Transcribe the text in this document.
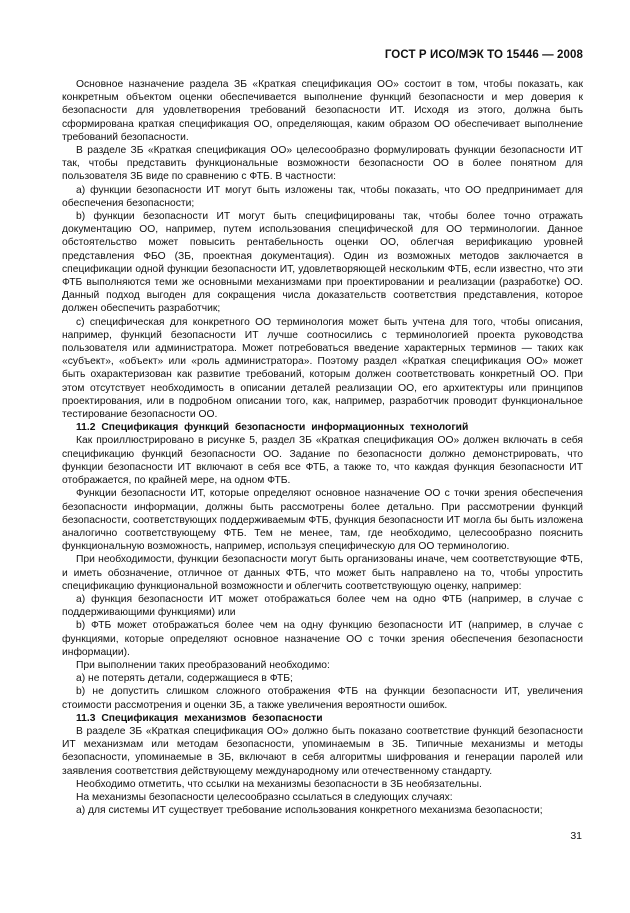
ГОСТ Р ИСО/МЭК ТО 15446 — 2008

Основное назначение раздела ЗБ «Краткая спецификация ОО» состоит в том, чтобы показать, как конкретным объектом оценки обеспечивается выполнение функций безопасности и мер доверия к безопасности для удовлетворения требований безопасности ИТ. Исходя из этого, должна быть сформирована краткая спецификация ОО, определяющая, каким образом ОО обеспечивает выполнение требований безопасности.

В разделе ЗБ «Краткая спецификация ОО» целесообразно формулировать функции безопасности ИТ так, чтобы представить функциональные возможности безопасности ОО в более понятном для пользователя ЗБ виде по сравнению с ФТБ. В частности:

a) функции безопасности ИТ могут быть изложены так, чтобы показать, что ОО предпринимает для обеспечения безопасности;

b) функции безопасности ИТ могут быть специфицированы так, чтобы более точно отражать документацию ОО, например, путем использования специфической для ОО терминологии. Данное обстоятельство может повысить рентабельность оценки ОО, облегчая верификацию уровней представления ФБО (ЗБ, проектная документация). Один из возможных методов заключается в спецификации одной функции безопасности ИТ, удовлетворяющей нескольким ФТБ, если известно, что эти ФТБ выполняются теми же основными механизмами при проектировании и реализации (разработке) ОО. Данный подход выгоден для сокращения числа доказательств соответствия представления, которое должен обеспечить разработчик;

c) специфическая для конкретного ОО терминология может быть учтена для того, чтобы описания, например, функций безопасности ИТ лучше соотносились с терминологией проекта руководства пользователя или администратора. Может потребоваться введение характерных терминов — таких как «субъект», «объект» или «роль администратора». Поэтому раздел «Краткая спецификация ОО» может быть охарактеризован как развитие требований, которым должен соответствовать конкретный ОО. При этом отсутствует необходимость в описании деталей реализации ОО, его архитектуры или принципов проектирования, или в подробном описании того, как, например, разработчик проводит функциональное тестирование безопасности ОО.

11.2 Спецификация функций безопасности информационных технологий

Как проиллюстрировано в рисунке 5, раздел ЗБ «Краткая спецификация ОО» должен включать в себя спецификацию функций безопасности ОО. Задание по безопасности должно демонстрировать, что функции безопасности ИТ включают в себя все ФТБ, а также то, что каждая функция безопасности ИТ отображается, по крайней мере, на одном ФТБ.

Функции безопасности ИТ, которые определяют основное назначение ОО с точки зрения обеспечения безопасности информации, должны быть рассмотрены более детально. При рассмотрении функций безопасности, соответствующих поддерживаемым ФТБ, функция безопасности ИТ могла бы быть изложена аналогично соответствующему ФТБ. Тем не менее, там, где необходимо, целесообразно пояснить функциональную возможность, например, используя специфическую для ОО терминологию.

При необходимости, функции безопасности могут быть организованы иначе, чем соответствующие ФТБ, и иметь обозначение, отличное от данных ФТБ, что может быть направлено на то, чтобы упростить спецификацию функциональной возможности и облегчить соответствующую оценку, например:

a) функция безопасности ИТ может отображаться более чем на одно ФТБ (например, в случае с поддерживающими функциями) или

b) ФТБ может отображаться более чем на одну функцию безопасности ИТ (например, в случае с функциями, которые определяют основное назначение ОО с точки зрения обеспечения безопасности информации).

При выполнении таких преобразований необходимо:

a) не потерять детали, содержащиеся в ФТБ;

b) не допустить слишком сложного отображения ФТБ на функции безопасности ИТ, увеличения стоимости рассмотрения и оценки ЗБ, а также увеличения вероятности ошибок.

11.3 Спецификация механизмов безопасности

В разделе ЗБ «Краткая спецификация ОО» должно быть показано соответствие функций безопасности ИТ механизмам или методам безопасности, упоминаемым в ЗБ. Типичные механизмы и методы безопасности, упоминаемые в ЗБ, включают в себя алгоритмы шифрования и генерации паролей или заявления соответствия действующему международному или отечественному стандарту.

Необходимо отметить, что ссылки на механизмы безопасности в ЗБ необязательны.

На механизмы безопасности целесообразно ссылаться в следующих случаях:

a) для системы ИТ существует требование использования конкретного механизма безопасности;

31
